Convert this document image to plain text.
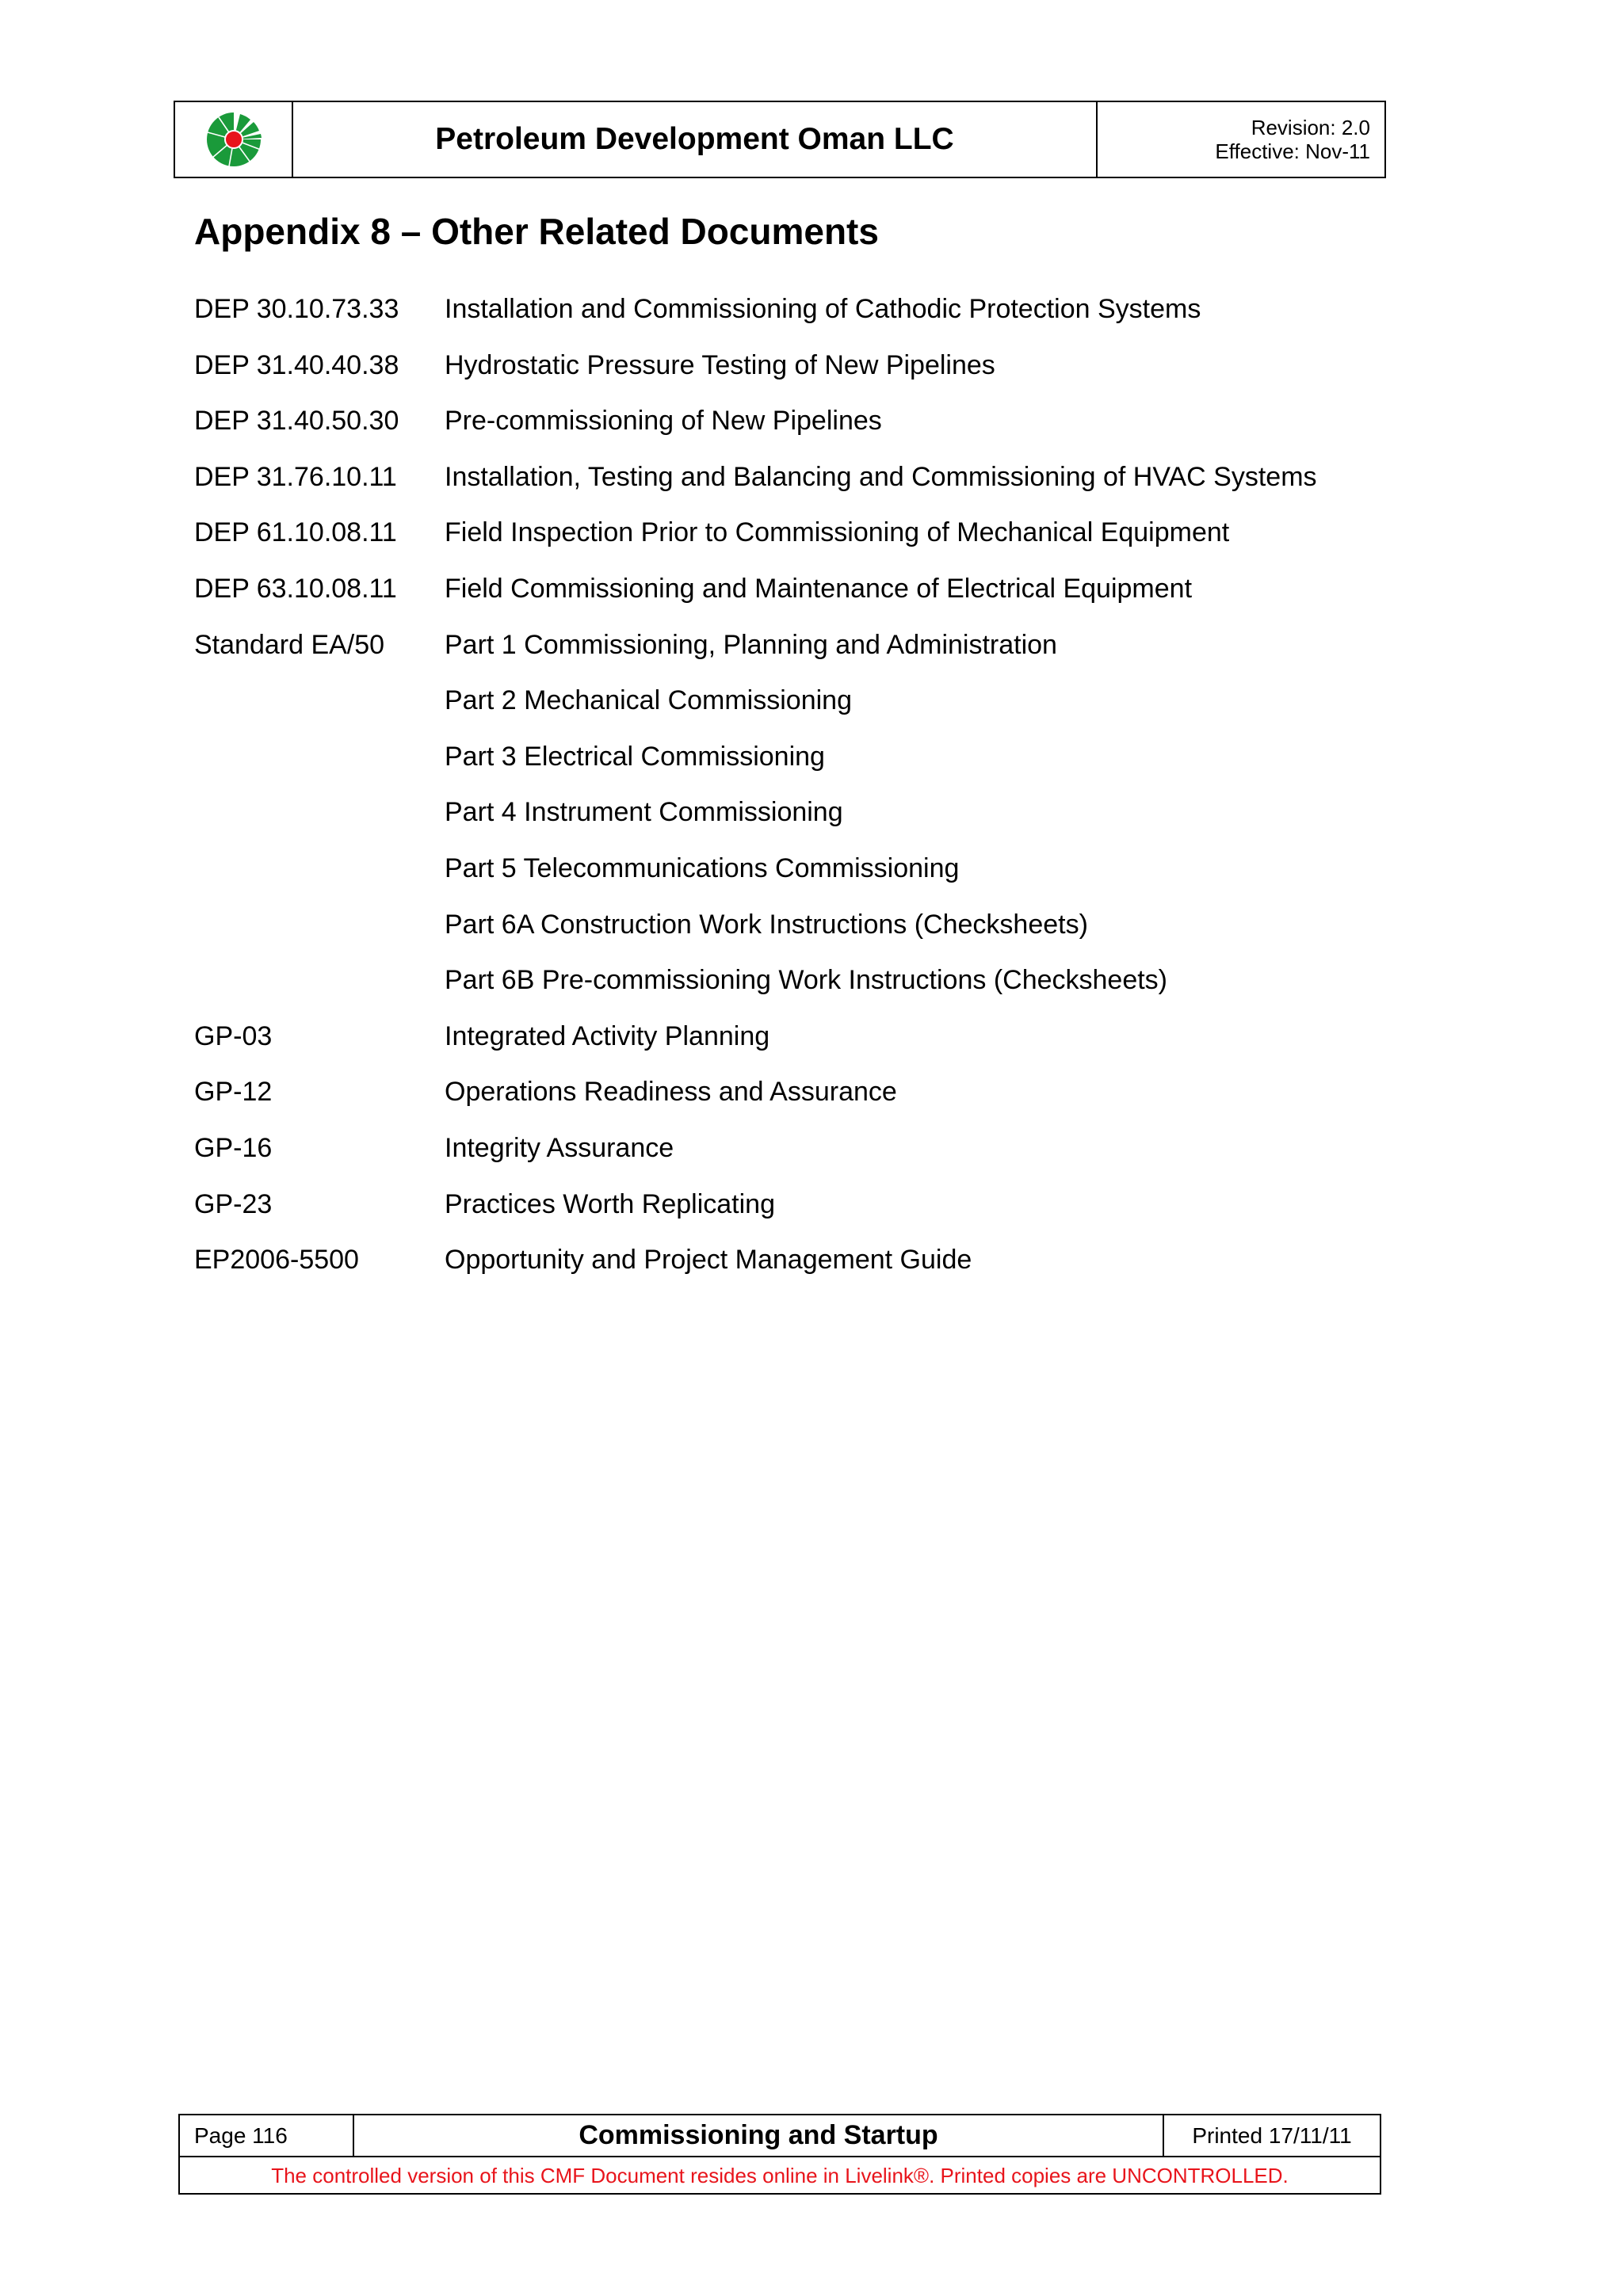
Petroleum Development Oman LLC	Revision: 2.0
Effective: Nov-11
Appendix 8 – Other Related Documents
DEP 30.10.73.33	Installation and Commissioning of Cathodic Protection Systems
DEP 31.40.40.38	Hydrostatic Pressure Testing of New Pipelines
DEP 31.40.50.30	Pre-commissioning of New Pipelines
DEP 31.76.10.11	Installation, Testing and Balancing and Commissioning of HVAC Systems
DEP 61.10.08.11	Field Inspection Prior to Commissioning of Mechanical Equipment
DEP 63.10.08.11	Field Commissioning and Maintenance of Electrical Equipment
Standard EA/50	Part 1 Commissioning, Planning and Administration
Part 2 Mechanical Commissioning
Part 3 Electrical Commissioning
Part 4 Instrument Commissioning
Part 5 Telecommunications Commissioning
Part 6A Construction Work Instructions (Checksheets)
Part 6B Pre-commissioning Work Instructions (Checksheets)
GP-03	Integrated Activity Planning
GP-12	Operations Readiness and Assurance
GP-16	Integrity Assurance
GP-23	Practices Worth Replicating
EP2006-5500	Opportunity and Project Management Guide
Page 116	Commissioning and Startup	Printed 17/11/11
The controlled version of this CMF Document resides online in Livelink®. Printed copies are UNCONTROLLED.
